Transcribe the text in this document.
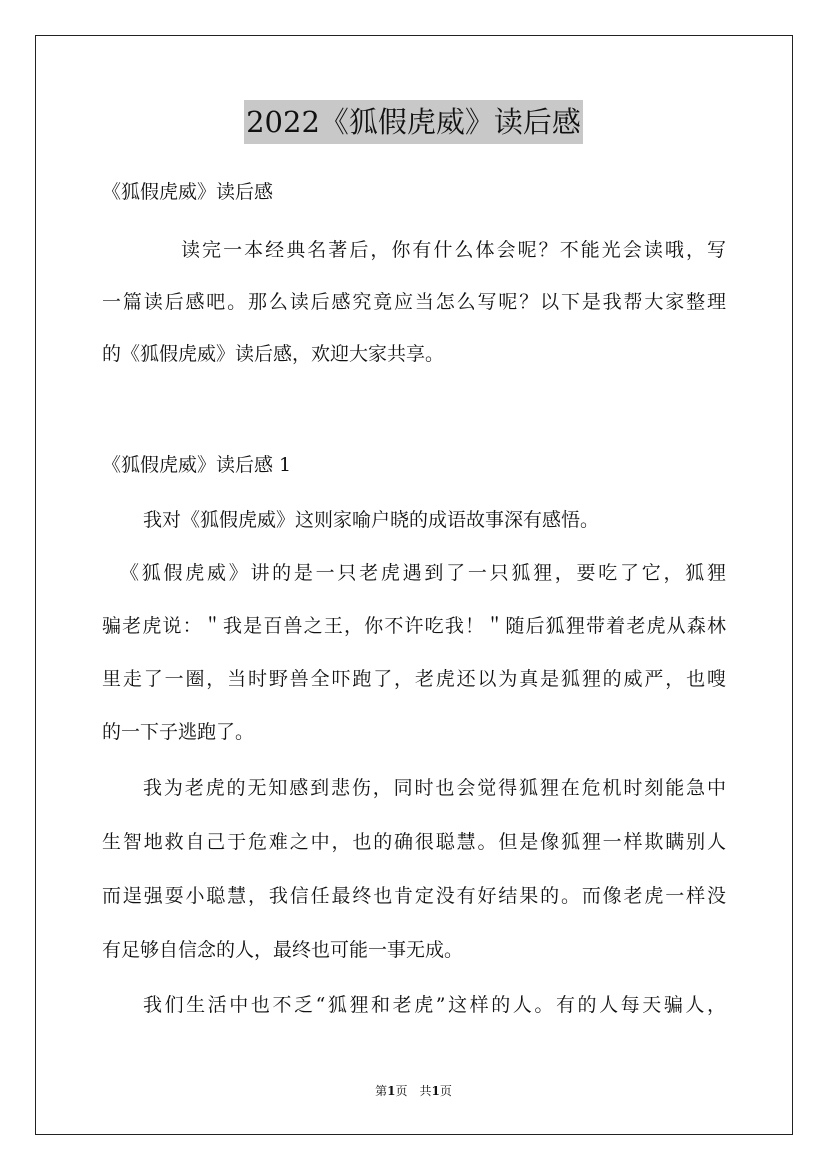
2022《狐假虎威》读后感
《狐假虎威》读后感
读完一本经典名著后，你有什么体会呢？不能光会读哦，写
一篇读后感吧。那么读后感究竟应当怎么写呢？以下是我帮大家整理
的《狐假虎威》读后感，欢迎大家共享。
《狐假虎威》读后感 1
我对《狐假虎威》这则家喻户晓的成语故事深有感悟。
《狐假虎威》讲的是一只老虎遇到了一只狐狸，要吃了它，狐狸
骗老虎说：＂我是百兽之王，你不许吃我！＂随后狐狸带着老虎从森林
里走了一圈，当时野兽全吓跑了，老虎还以为真是狐狸的威严，也嗖
的一下子逃跑了。
我为老虎的无知感到悲伤，同时也会觉得狐狸在危机时刻能急中
生智地救自己于危难之中，也的确很聪慧。但是像狐狸一样欺瞒别人
而逞强耍小聪慧，我信任最终也肯定没有好结果的。而像老虎一样没
有足够自信念的人，最终也可能一事无成。
我们生活中也不乏“狐狸和老虎”这样的人。有的人每天骗人，
第1页　共1页
